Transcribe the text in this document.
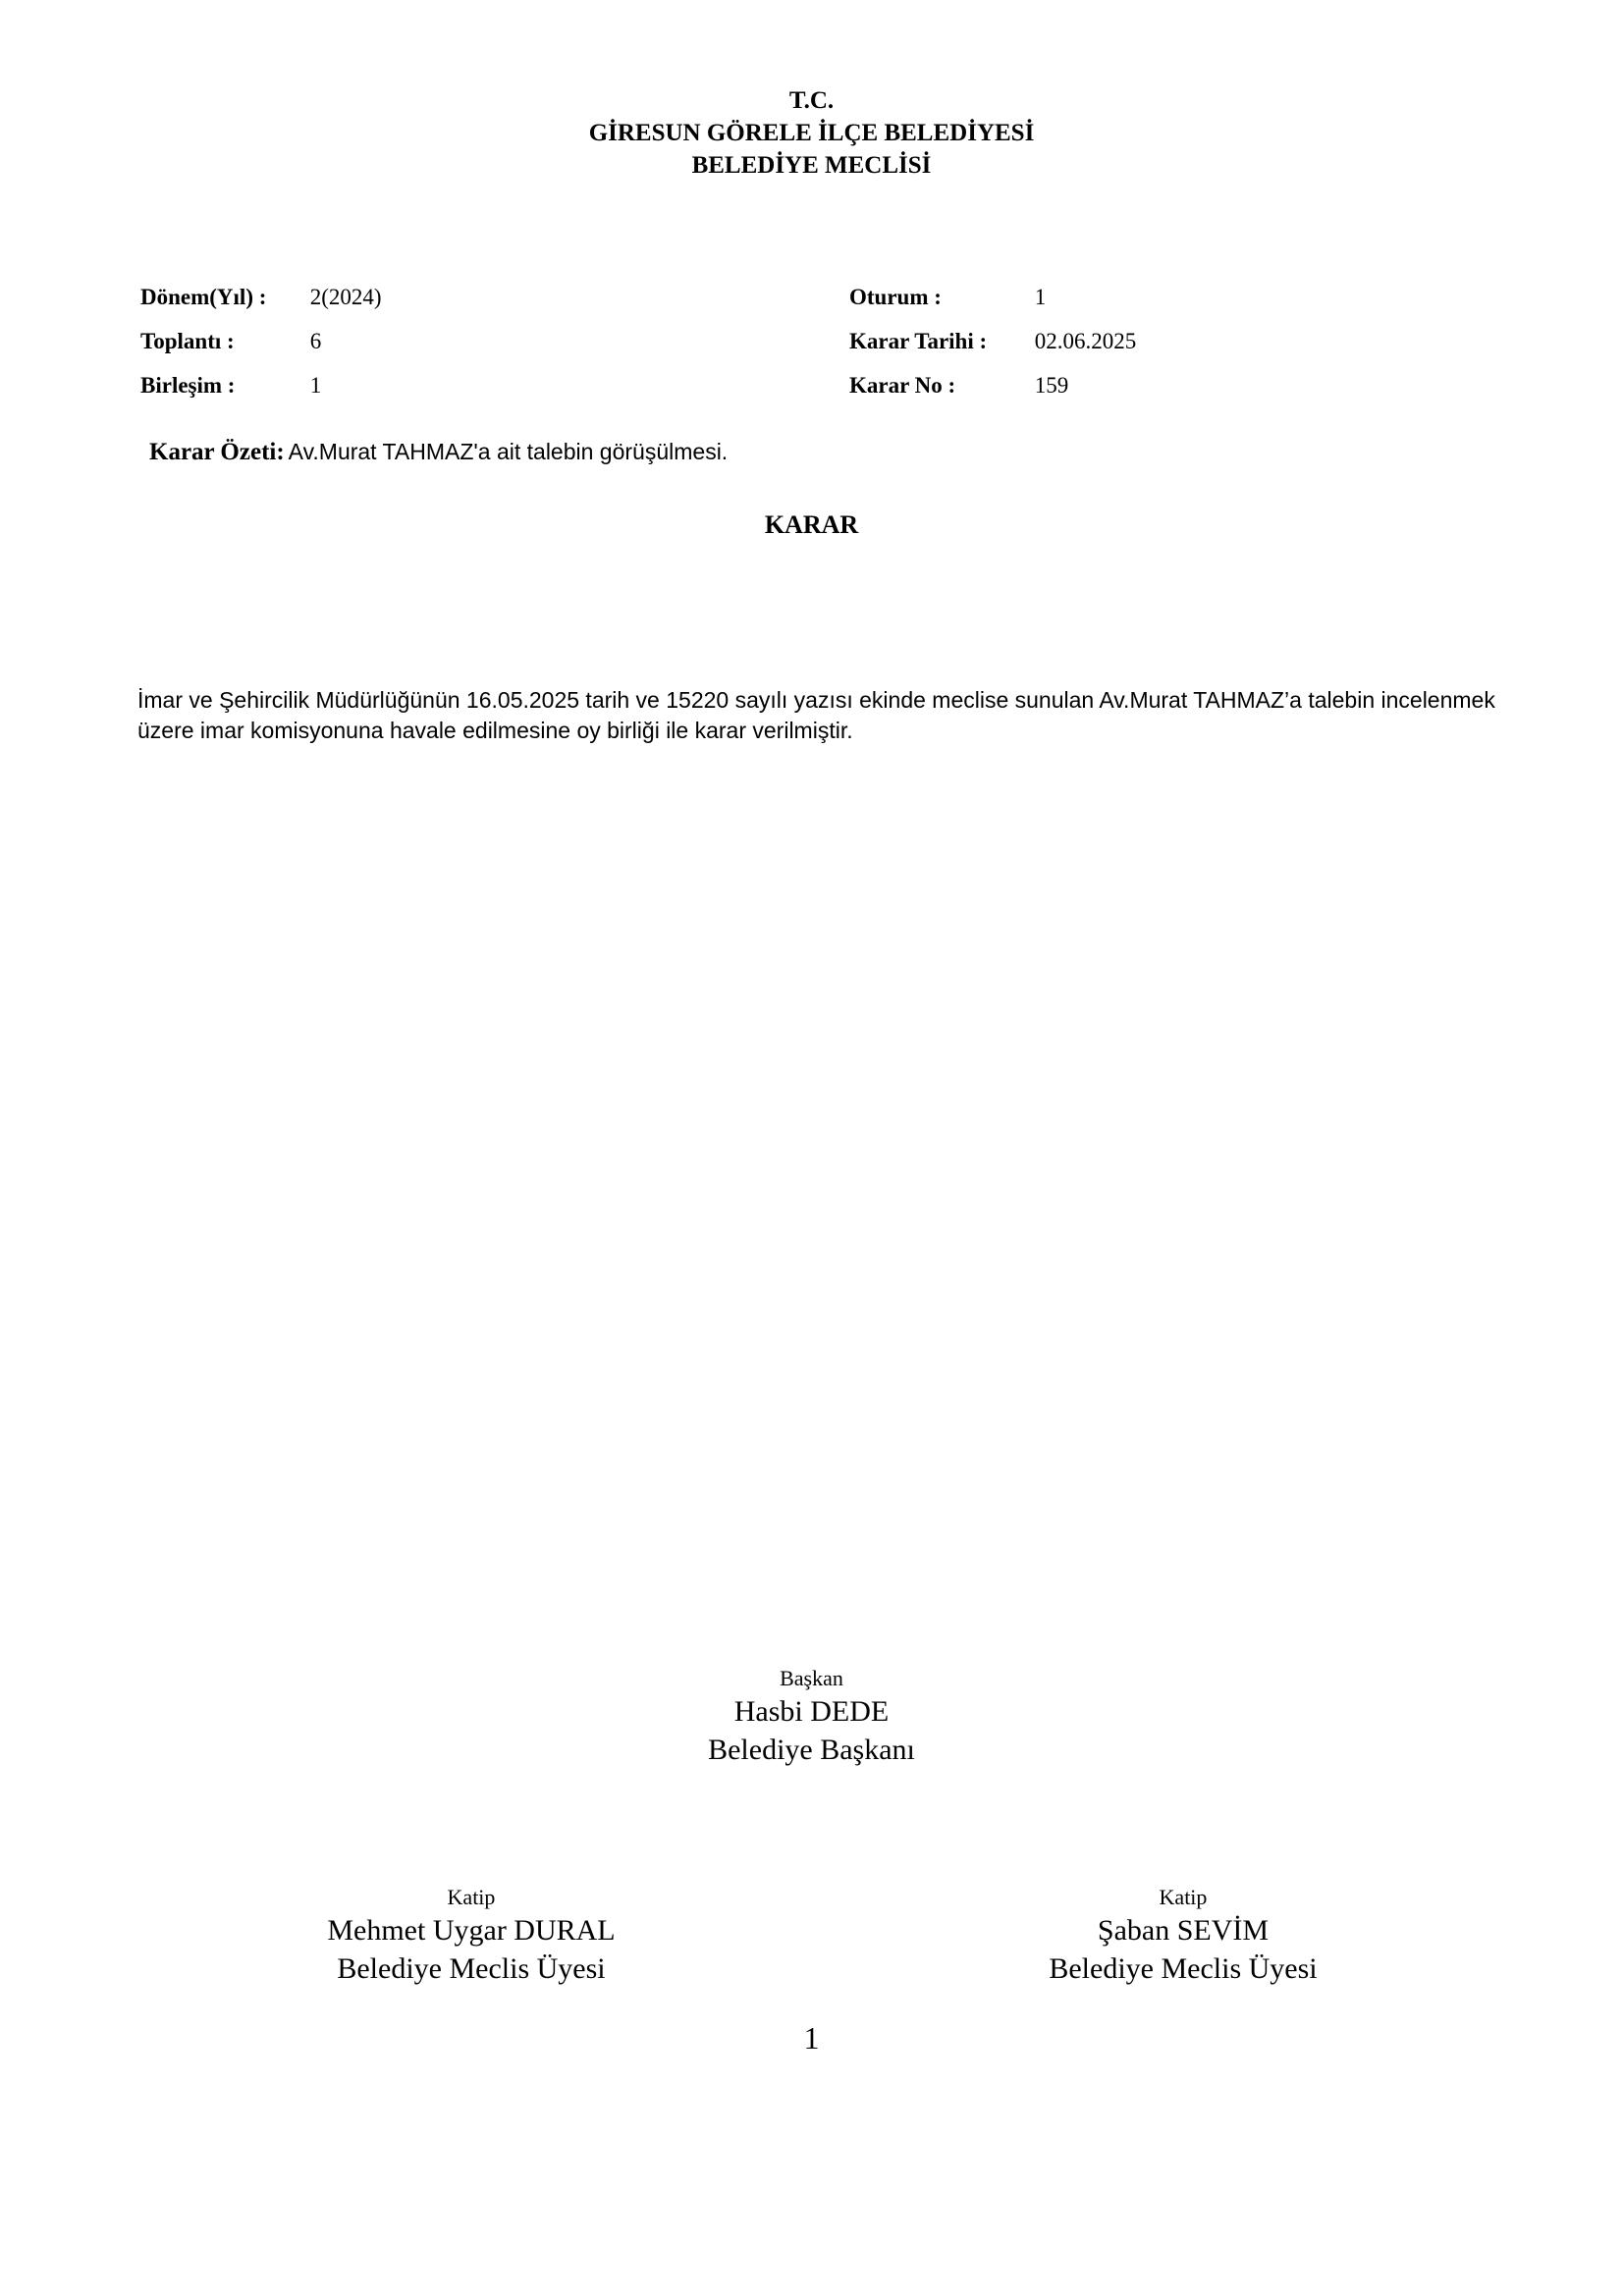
T.C.
GİRESUN GÖRELE İLÇE BELEDİYESİ
BELEDİYE MECLİSİ
Dönem(Yıl) : 2(2024)
Toplantı :	6
Birleşim :	1
Oturum :	1
Karar Tarihi : 02.06.2025
Karar No :	159
Karar Özeti: Av.Murat TAHMAZ'a ait talebin görüşülmesi.
KARAR
İmar ve Şehircilik Müdürlüğünün 16.05.2025 tarih ve 15220 sayılı yazısı ekinde meclise sunulan Av.Murat TAHMAZ’a talebin incelenmek üzere imar komisyonuna havale edilmesine oy birliği ile karar verilmiştir.
Başkan
Hasbi DEDE
Belediye Başkanı
Katip
Mehmet Uygar DURAL
Belediye Meclis Üyesi
Katip
Şaban SEVİM
Belediye Meclis Üyesi
1
